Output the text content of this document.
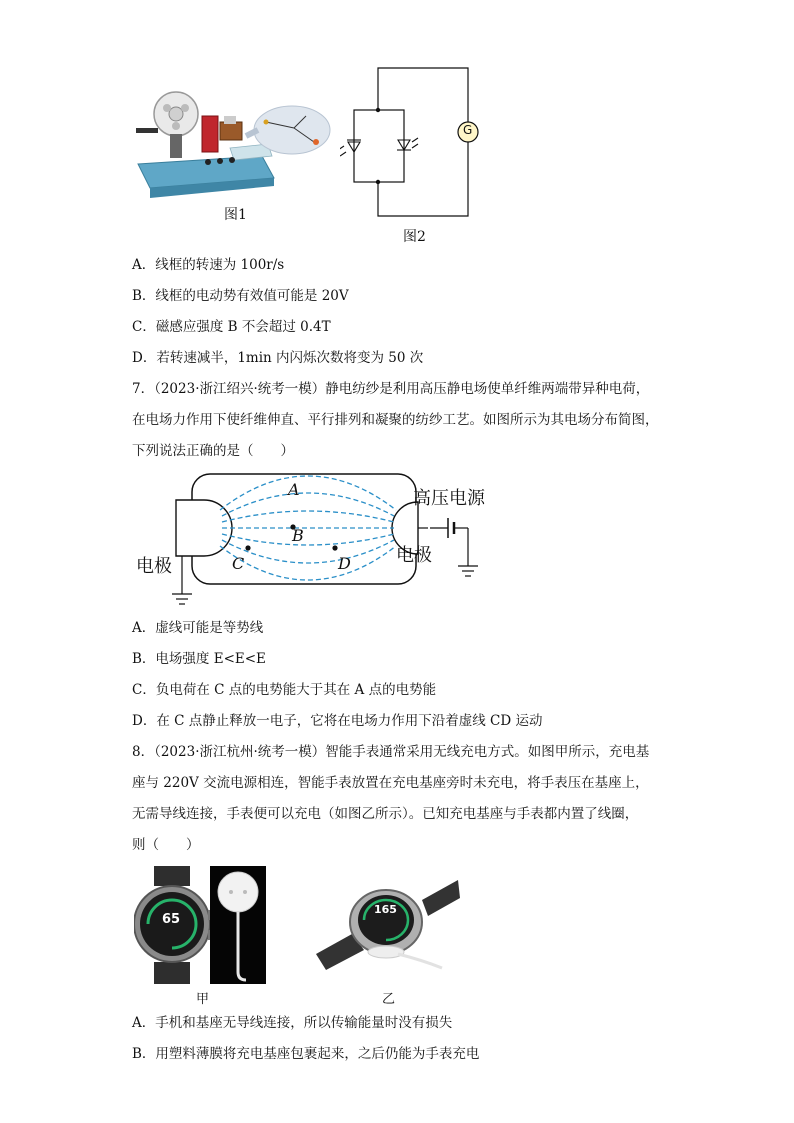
图1
G
图2
A．线框的转速为 100r/s
B．线框的电动势有效值可能是 20V
C．磁感应强度 B 不会超过 0.4T
D．若转速减半，1min 内闪烁次数将变为 50 次
7．（2023·浙江绍兴·统考一模）静电纺纱是利用高压静电场使单纤维两端带异种电荷，
在电场力作用下使纤维伸直、平行排列和凝聚的纺纱工艺。如图所示为其电场分布简图，
下列说法正确的是（　　）
A
B
C	D
电极
电极
高压电源
A．虚线可能是等势线
B．电场强度 E<E<E
C．负电荷在 C 点的电势能大于其在 A 点的电势能
D．在 C 点静止释放一电子，它将在电场力作用下沿着虚线 CD 运动
8．（2023·浙江杭州·统考一模）智能手表通常采用无线充电方式。如图甲所示，充电基
座与 220V 交流电源相连，智能手表放置在充电基座旁时未充电，将手表压在基座上，
无需导线连接，手表便可以充电（如图乙所示）。已知充电基座与手表都内置了线圈，
则（　　）
65
165
甲	乙
A．手机和基座无导线连接，所以传输能量时没有损失
B．用塑料薄膜将充电基座包裹起来，之后仍能为手表充电
